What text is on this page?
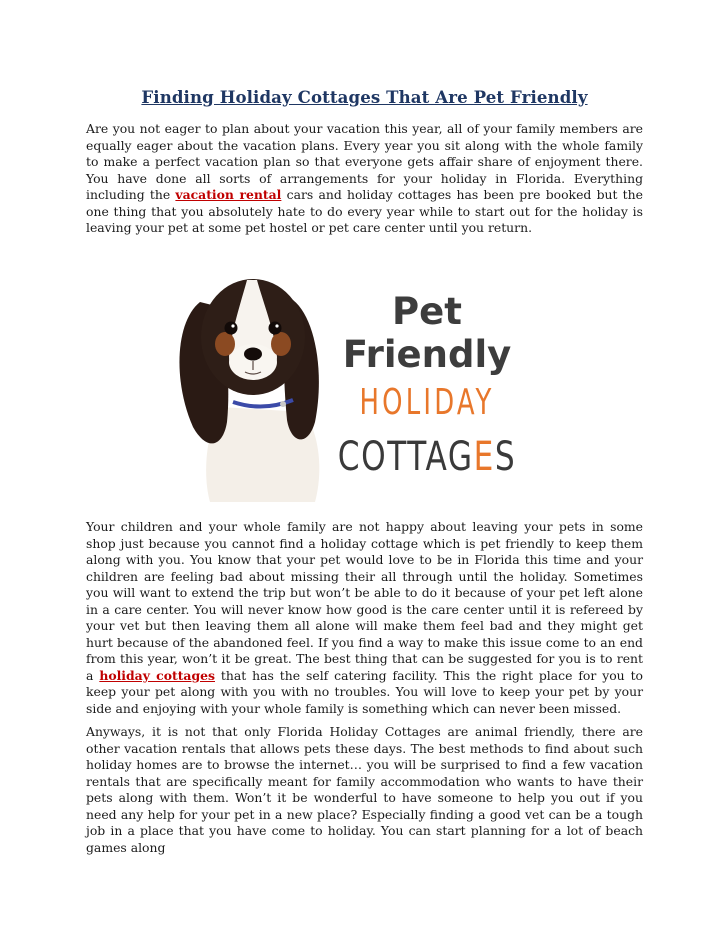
Finding Holiday Cottages That Are Pet Friendly

Are you not eager to plan about your vacation this year, all of your family members are equally eager about the vacation plans. Every year you sit along with the whole family to make a perfect vacation plan so that everyone gets affair share of enjoyment there. You have done all sorts of arrangements for your holiday in Florida. Everything including the vacation rental cars and holiday cottages has been pre booked but the one thing that you absolutely hate to do every year while to start out for the holiday is leaving your pet at some pet hostel or pet care center until you return.

Pet
Friendly
HOLIDAY
COTTAGES

Your children and your whole family are not happy about leaving your pets in some shop just because you cannot find a holiday cottage which is pet friendly to keep them along with you. You know that your pet would love to be in Florida this time and your children are feeling bad about missing their all through until the holiday. Sometimes you will want to extend the trip but won’t be able to do it because of your pet left alone in a care center. You will never know how good is the care center until it is refereed by your vet but then leaving them all alone will make them feel bad and they might get hurt because of the abandoned feel. If you find a way to make this issue come to an end from this year, won’t it be great. The best thing that can be suggested for you is to rent a holiday cottages that has the self catering facility. This the right place for you to keep your pet along with you with no troubles. You will love to keep your pet by your side and enjoying with your whole family is something which can never been missed.

Anyways, it is not that only Florida Holiday Cottages are animal friendly, there are other vacation rentals that allows pets these days. The best methods to find about such holiday homes are to browse the internet… you will be surprised to find a few vacation rentals that are specifically meant for family accommodation who wants to have their pets along with them. Won’t it be wonderful to have someone to help you out if you need any help for your pet in a new place? Especially finding a good vet can be a tough job in a place that you have come to holiday. You can start planning for a lot of beach games along
